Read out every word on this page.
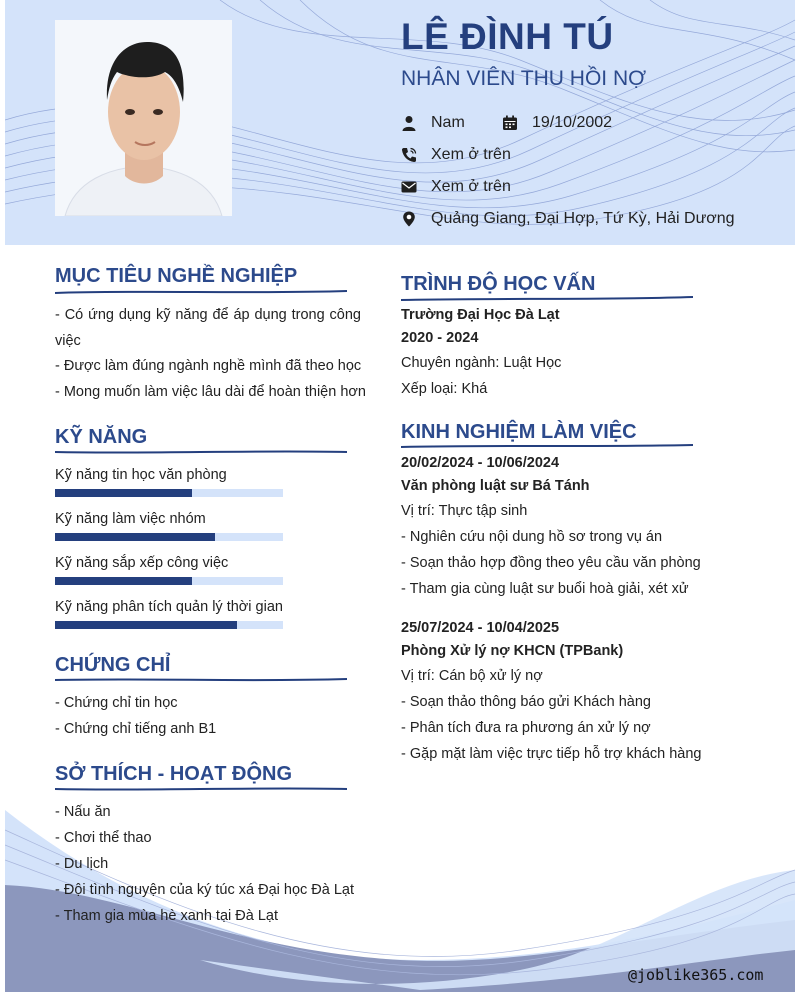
LÊ ĐÌNH TÚ
NHÂN VIÊN THU HỒI NỢ
Nam	19/10/2002
Xem ở trên
Xem ở trên
Quảng Giang, Đại Hợp, Tứ Kỳ, Hải Dương
MỤC TIÊU NGHỀ NGHIỆP
- Có ứng dụng kỹ năng để áp dụng trong công việc
- Được làm đúng ngành nghề mình đã theo học
- Mong muốn làm việc lâu dài để hoàn thiện hơn
KỸ NĂNG
Kỹ năng tin học văn phòng
Kỹ năng làm việc nhóm
Kỹ năng sắp xếp công việc
Kỹ năng phân tích quản lý thời gian
CHỨNG CHỈ
- Chứng chỉ tin học
- Chứng chỉ tiếng anh B1
SỞ THÍCH - HOẠT ĐỘNG
- Nấu ăn
- Chơi thể thao
- Du lịch
- Đội tình nguyện của ký túc xá Đại học Đà Lạt
- Tham gia mùa hè xanh tại Đà Lạt
TRÌNH ĐỘ HỌC VẤN
Trường Đại Học Đà Lạt
2020 - 2024
Chuyên ngành: Luật Học
Xếp loại: Khá
KINH NGHIỆM LÀM VIỆC
20/02/2024 - 10/06/2024
Văn phòng luật sư Bá Tánh
Vị trí: Thực tập sinh
- Nghiên cứu nội dung hồ sơ trong vụ án
- Soạn thảo hợp đồng theo yêu cầu văn phòng
- Tham gia cùng luật sư buổi hoà giải, xét xử
25/07/2024 - 10/04/2025
Phòng Xử lý nợ KHCN (TPBank)
Vị trí: Cán bộ xử lý nợ
- Soạn thảo thông báo gửi Khách hàng
- Phân tích đưa ra phương án xử lý nợ
- Gặp mặt làm việc trực tiếp hỗ trợ khách hàng
@joblike365.com
